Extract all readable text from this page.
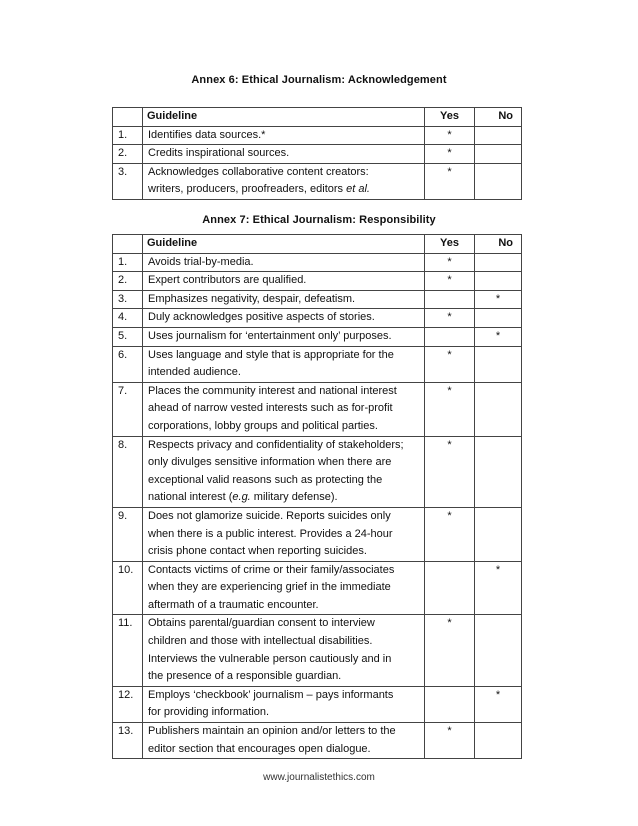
Annex 6: Ethical Journalism: Acknowledgement
	Guideline	Yes	No
1.	Identifies data sources.*	*	
2.	Credits inspirational sources.	*	
3.	Acknowledges collaborative content creators:
writers, producers, proofreaders, editors et al.	*	
Annex 7: Ethical Journalism: Responsibility
	Guideline	Yes	No
1.	Avoids trial-by-media.	*	
2.	Expert contributors are qualified.	*	
3.	Emphasizes negativity, despair, defeatism.		*
4.	Duly acknowledges positive aspects of stories.	*	
5.	Uses journalism for ‘entertainment only’ purposes.		*
6.	Uses language and style that is appropriate for the
intended audience.	*	
7.	Places the community interest and national interest
ahead of narrow vested interests such as for-profit
corporations, lobby groups and political parties.	*	
8.	Respects privacy and confidentiality of stakeholders;
only divulges sensitive information when there are
exceptional valid reasons such as protecting the
national interest (e.g. military defense).	*	
9.	Does not glamorize suicide. Reports suicides only
when there is a public interest. Provides a 24-hour
crisis phone contact when reporting suicides.	*	
10.	Contacts victims of crime or their family/associates
when they are experiencing grief in the immediate
aftermath of a traumatic encounter.		*
11.	Obtains parental/guardian consent to interview
children and those with intellectual disabilities.
Interviews the vulnerable person cautiously and in
the presence of a responsible guardian.	*	
12.	Employs ‘checkbook’ journalism – pays informants
for providing information.		*
13.	Publishers maintain an opinion and/or letters to the
editor section that encourages open dialogue.	*	
www.journalistethics.com
